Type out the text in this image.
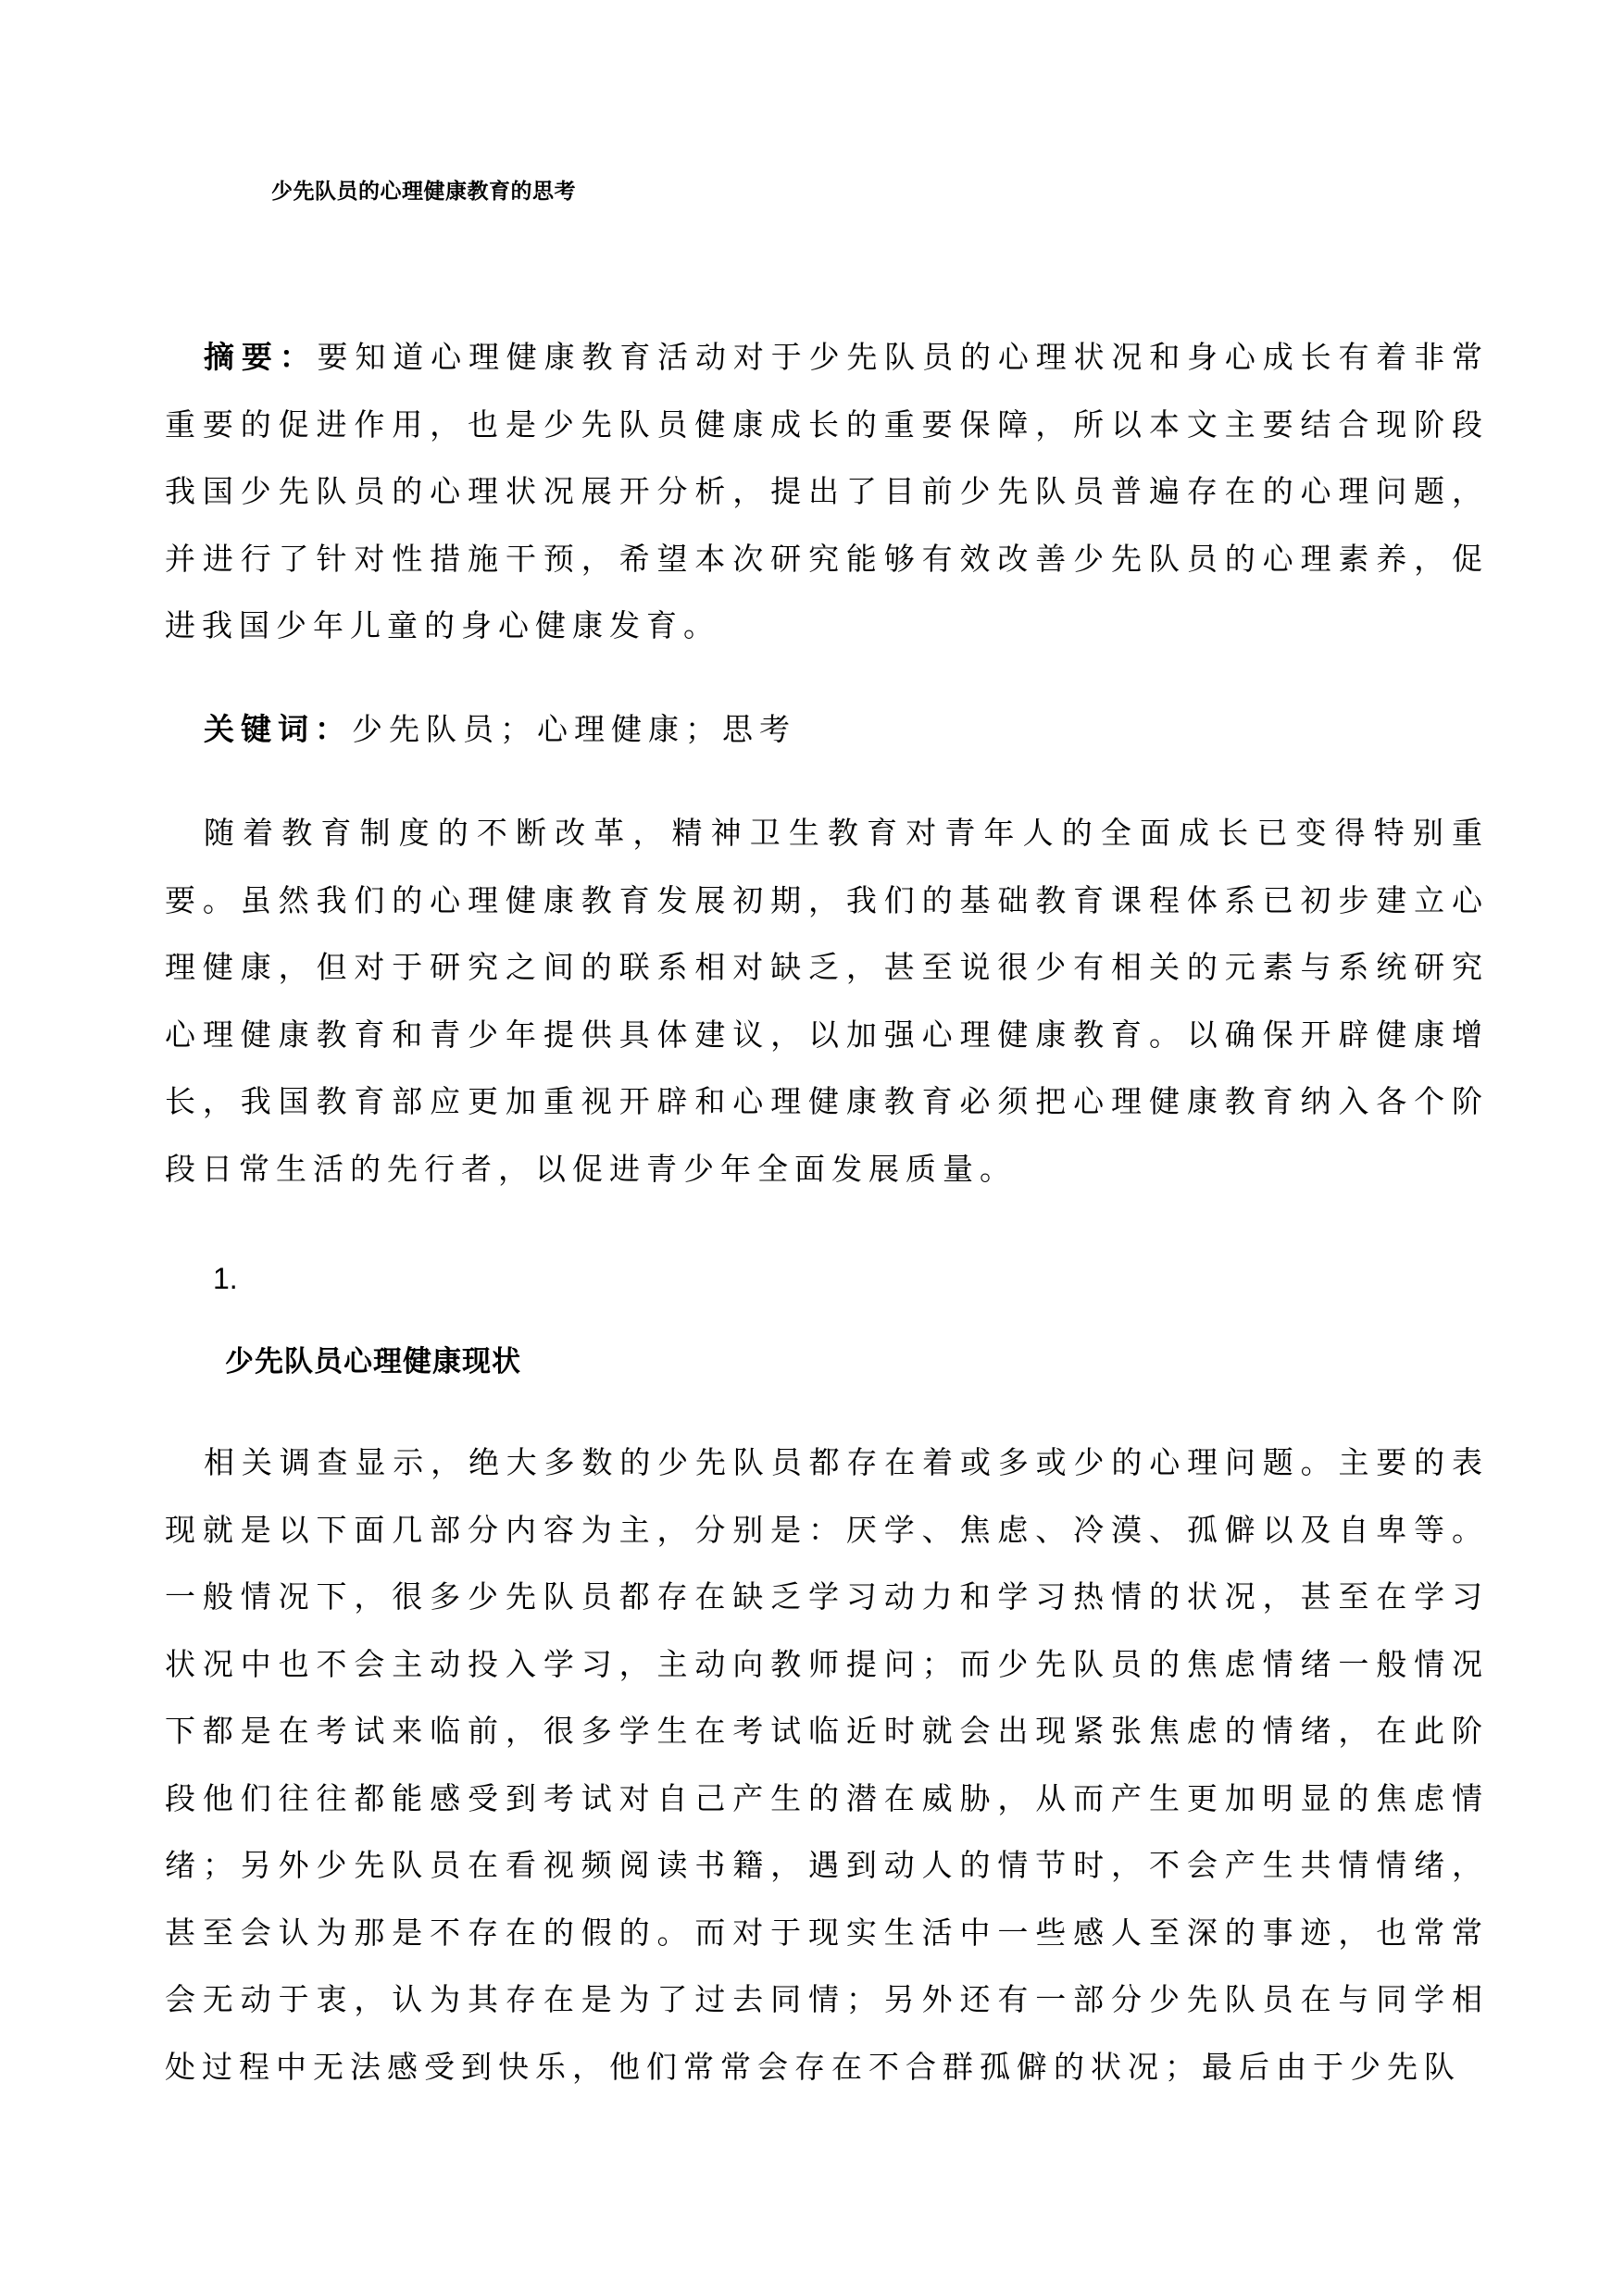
少先队员的心理健康教育的思考

摘要：要知道心理健康教育活动对于少先队员的心理状况和身心成长有着非常重要的促进作用，也是少先队员健康成长的重要保障，所以本文主要结合现阶段我国少先队员的心理状况展开分析，提出了目前少先队员普遍存在的心理问题，并进行了针对性措施干预，希望本次研究能够有效改善少先队员的心理素养，促进我国少年儿童的身心健康发育。

关键词：少先队员；心理健康；思考

随着教育制度的不断改革，精神卫生教育对青年人的全面成长已变得特别重要。虽然我们的心理健康教育发展初期，我们的基础教育课程体系已初步建立心理健康，但对于研究之间的联系相对缺乏，甚至说很少有相关的元素与系统研究心理健康教育和青少年提供具体建议，以加强心理健康教育。以确保开辟健康增长，我国教育部应更加重视开辟和心理健康教育必须把心理健康教育纳入各个阶段日常生活的先行者，以促进青少年全面发展质量。

1.
少先队员心理健康现状

相关调查显示，绝大多数的少先队员都存在着或多或少的心理问题。主要的表现就是以下面几部分内容为主，分别是：厌学、焦虑、冷漠、孤僻以及自卑等。一般情况下，很多少先队员都存在缺乏学习动力和学习热情的状况，甚至在学习状况中也不会主动投入学习，主动向教师提问；而少先队员的焦虑情绪一般情况下都是在考试来临前，很多学生在考试临近时就会出现紧张焦虑的情绪，在此阶段他们往往都能感受到考试对自己产生的潜在威胁，从而产生更加明显的焦虑情绪；另外少先队员在看视频阅读书籍，遇到动人的情节时，不会产生共情情绪，甚至会认为那是不存在的假的。而对于现实生活中一些感人至深的事迹，也常常会无动于衷，认为其存在是为了过去同情；另外还有一部分少先队员在与同学相处过程中无法感受到快乐，他们常常会存在不合群孤僻的状况；最后由于少先队
